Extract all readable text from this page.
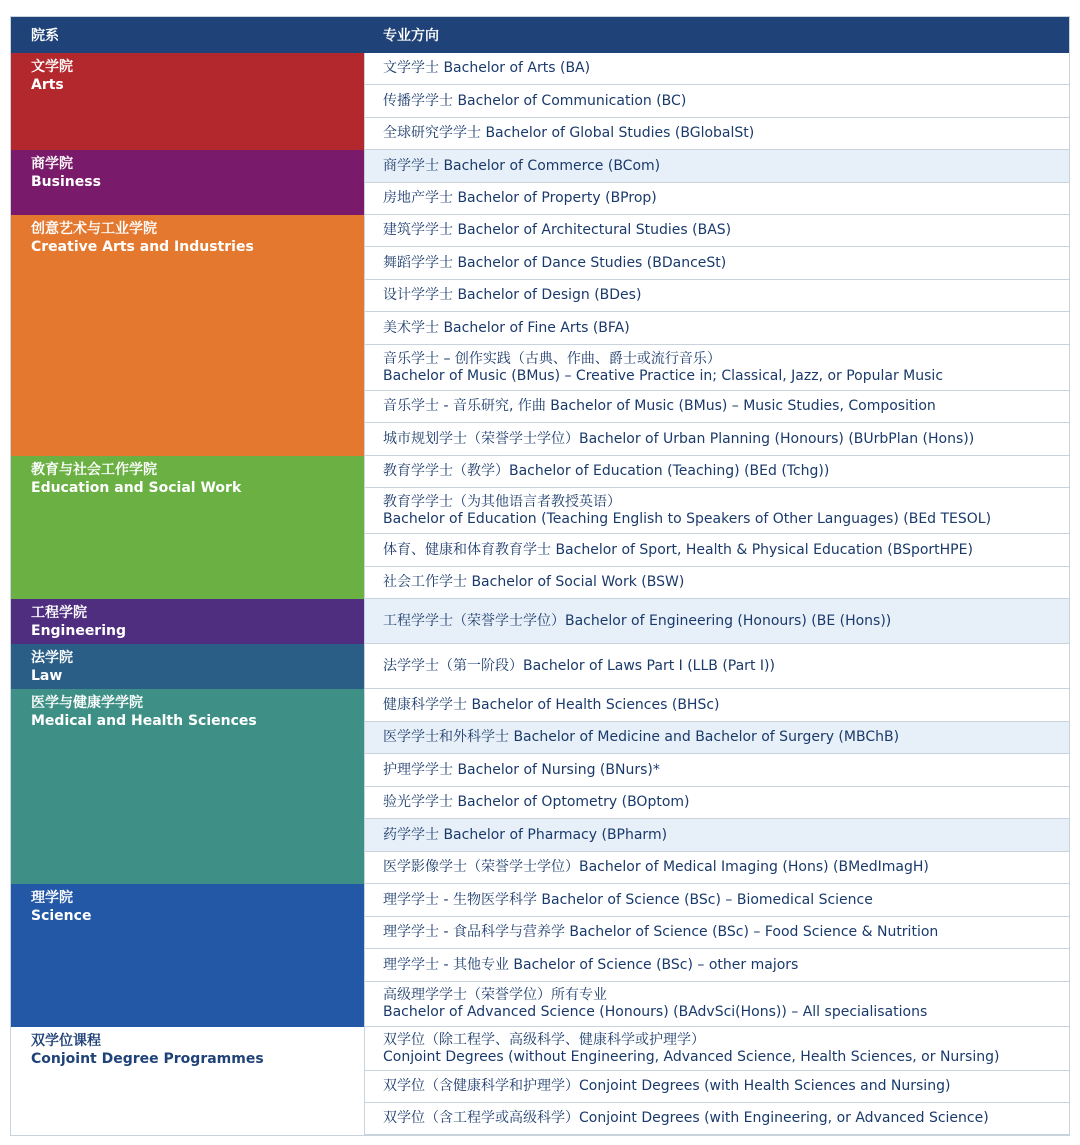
院系	专业方向
文学院
Arts
文学学士 Bachelor of Arts (BA)
传播学学士 Bachelor of Communication (BC)
全球研究学学士 Bachelor of Global Studies (BGlobalSt)
商学院
Business
商学学士 Bachelor of Commerce (BCom)
房地产学士 Bachelor of Property (BProp)
创意艺术与工业学院
Creative Arts and Industries
建筑学学士 Bachelor of Architectural Studies (BAS)
舞蹈学学士 Bachelor of Dance Studies (BDanceSt)
设计学学士 Bachelor of Design (BDes)
美术学士 Bachelor of Fine Arts (BFA)
音乐学士 – 创作实践（古典、作曲、爵士或流行音乐）
Bachelor of Music (BMus) – Creative Practice in; Classical, Jazz, or Popular Music
音乐学士 - 音乐研究, 作曲 Bachelor of Music (BMus) – Music Studies, Composition
城市规划学士（荣誉学士学位）Bachelor of Urban Planning (Honours) (BUrbPlan (Hons))
教育与社会工作学院
Education and Social Work
教育学学士（教学）Bachelor of Education (Teaching) (BEd (Tchg))
教育学学士（为其他语言者教授英语）
Bachelor of Education (Teaching English to Speakers of Other Languages) (BEd TESOL)
体育、健康和体育教育学士 Bachelor of Sport, Health & Physical Education (BSportHPE)
社会工作学士 Bachelor of Social Work (BSW)
工程学院
Engineering
工程学学士（荣誉学士学位）Bachelor of Engineering (Honours) (BE (Hons))
法学院
Law
法学学士（第一阶段）Bachelor of Laws Part I (LLB (Part I))
医学与健康学学院
Medical and Health Sciences
健康科学学士 Bachelor of Health Sciences (BHSc)
医学学士和外科学士 Bachelor of Medicine and Bachelor of Surgery (MBChB)
护理学学士 Bachelor of Nursing (BNurs)*
验光学学士 Bachelor of Optometry (BOptom)
药学学士 Bachelor of Pharmacy (BPharm)
医学影像学士（荣誉学士学位）Bachelor of Medical Imaging (Hons) (BMedImagH)
理学院
Science
理学学士 - 生物医学科学 Bachelor of Science (BSc) – Biomedical Science
理学学士 - 食品科学与营养学 Bachelor of Science (BSc) – Food Science & Nutrition
理学学士 - 其他专业 Bachelor of Science (BSc) – other majors
高级理学学士（荣誉学位）所有专业
Bachelor of Advanced Science (Honours) (BAdvSci(Hons)) – All specialisations
双学位课程
Conjoint Degree Programmes
双学位（除工程学、高级科学、健康科学或护理学）
Conjoint Degrees (without Engineering, Advanced Science, Health Sciences, or Nursing)
双学位（含健康科学和护理学）Conjoint Degrees (with Health Sciences and Nursing)
双学位（含工程学或高级科学）Conjoint Degrees (with Engineering, or Advanced Science)
